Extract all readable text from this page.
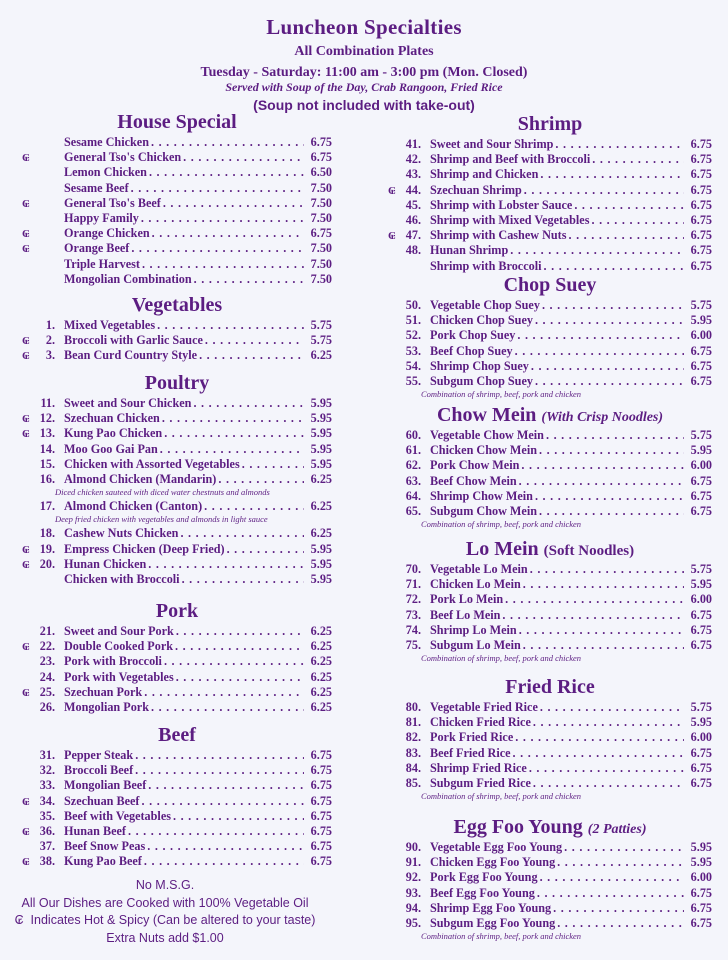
Luncheon Specialties
All Combination Plates
Tuesday - Saturday: 11:00 am - 3:00 pm (Mon. Closed)
Served with Soup of the Day, Crab Rangoon, Fried Rice
(Soup not included with take-out)
House Special
Sesame Chicken . . .	6.75
₢	General Tso's Chicken . . .	6.75
Lemon Chicken . . .	6.50
Sesame Beef . . .	7.50
₢	General Tso's Beef . . .	7.50
Happy Family . . .	7.50
₢	Orange Chicken . . .	6.75
₢	Orange Beef . . .	7.50
Triple Harvest . . .	7.50
Mongolian Combination . . .	7.50
Vegetables
1. Mixed Vegetables . . .	5.75
₢	2. Broccoli with Garlic Sauce . . .	5.75
₢	3. Bean Curd Country Style . . .	6.25
Poultry
11. Sweet and Sour Chicken . . .	5.95
₢ 12. Szechuan Chicken . . .	5.95
₢ 13. Kung Pao Chicken . . .	5.95
14. Moo Goo Gai Pan . . .	5.95
15. Chicken with Assorted Vegetables . . .	5.95
16. Almond Chicken (Mandarin) . . .	6.25
Diced chicken sauteed with diced water chestnuts and almonds
17. Almond Chicken (Canton) . . .	6.25
Deep fried chicken with vegetables and almonds in light sauce
18. Cashew Nuts Chicken . . .	6.25
₢ 19. Empress Chicken (Deep Fried) . . .	5.95
₢ 20. Hunan Chicken . . .	5.95
Chicken with Broccoli . . .	5.95
Pork
21. Sweet and Sour Pork . . .	6.25
₢ 22. Double Cooked Pork . . .	6.25
23. Pork with Broccoli . . .	6.25
24. Pork with Vegetables . . .	6.25
₢ 25. Szechuan Pork . . .	6.25
26. Mongolian Pork . . .	6.25
Beef
31. Pepper Steak . . .	6.75
32. Broccoli Beef . . .	6.75
33. Mongolian Beef . . .	6.75
₢ 34. Szechuan Beef . . .	6.75
35. Beef with Vegetables . . .	6.75
₢ 36. Hunan Beef . . .	6.75
37. Beef Snow Peas . . .	6.75
₢ 38. Kung Pao Beef . . .	6.75
Shrimp
41. Sweet and Sour Shrimp . . .	6.75
42. Shrimp and Beef with Broccoli . . .	6.75
43. Shrimp and Chicken . . .	6.75
₢ 44. Szechuan Shrimp . . .	6.75
45. Shrimp with Lobster Sauce . . .	6.75
46. Shrimp with Mixed Vegetables . . .	6.75
₢ 47. Shrimp with Cashew Nuts . . .	6.75
48. Hunan Shrimp . . .	6.75
Shrimp with Broccoli . . .	6.75
Chop Suey
50. Vegetable Chop Suey . . .	5.75
51. Chicken Chop Suey . . .	5.95
52. Pork Chop Suey . . .	6.00
53. Beef Chop Suey . . .	6.75
54. Shrimp Chop Suey . . .	6.75
55. Subgum Chop Suey . . .	6.75
Combination of shrimp, beef, pork and chicken
Chow Mein (With Crisp Noodles)
60. Vegetable Chow Mein . . .	5.75
61. Chicken Chow Mein . . .	5.95
62. Pork Chow Mein . . .	6.00
63. Beef Chow Mein . . .	6.75
64. Shrimp Chow Mein . . .	6.75
65. Subgum Chow Mein . . .	6.75
Combination of shrimp, beef, pork and chicken
Lo Mein (Soft Noodles)
70. Vegetable Lo Mein . . .	5.75
71. Chicken Lo Mein . . .	5.95
72. Pork Lo Mein . . .	6.00
73. Beef Lo Mein . . .	6.75
74. Shrimp Lo Mein . . .	6.75
75. Subgum Lo Mein . . .	6.75
Combination of shrimp, beef, pork and chicken
Fried Rice
80. Vegetable Fried Rice . . .	5.75
81. Chicken Fried Rice . . .	5.95
82. Pork Fried Rice . . .	6.00
83. Beef Fried Rice . . .	6.75
84. Shrimp Fried Rice . . .	6.75
85. Subgum Fried Rice . . .	6.75
Combination of shrimp, beef, pork and chicken
Egg Foo Young (2 Patties)
90. Vegetable Egg Foo Young . . .	5.95
91. Chicken Egg Foo Young . . .	5.95
92. Pork Egg Foo Young . . .	6.00
93. Beef Egg Foo Young . . .	6.75
94. Shrimp Egg Foo Young . . .	6.75
95. Subgum Egg Foo Young . . .	6.75
Combination of shrimp, beef, pork and chicken
No M.S.G.
All Our Dishes are Cooked with 100% Vegetable Oil
₢ Indicates Hot & Spicy (Can be altered to your taste)
Extra Nuts add $1.00
